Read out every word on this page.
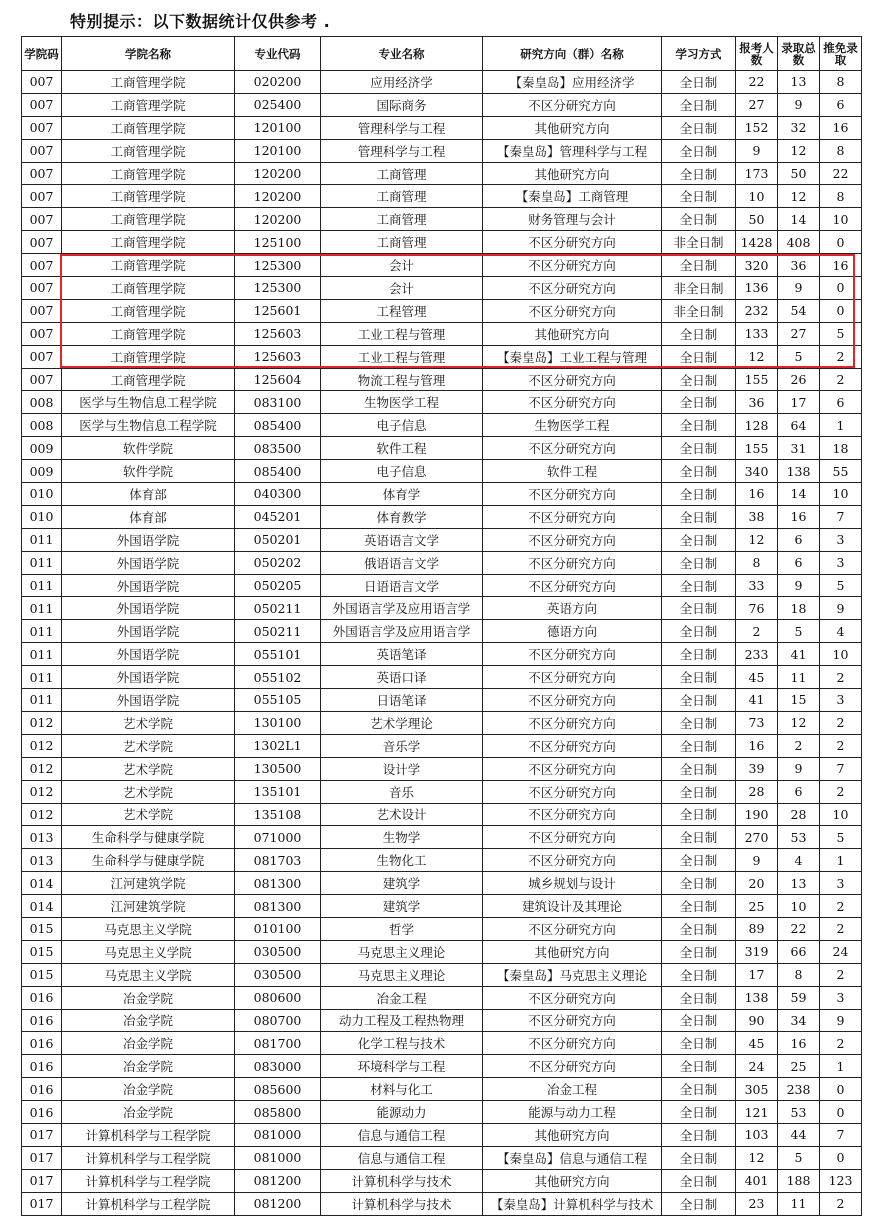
特别提示：以下数据统计仅供参考 .
学院码	学院名称	专业代码	专业名称	研究方向（群）名称	学习方式	报考人数	录取总数	推免录取
007	工商管理学院	020200	应用经济学	【秦皇岛】应用经济学	全日制	22	13	8
007	工商管理学院	025400	国际商务	不区分研究方向	全日制	27	9	6
007	工商管理学院	120100	管理科学与工程	其他研究方向	全日制	152	32	16
007	工商管理学院	120100	管理科学与工程	【秦皇岛】管理科学与工程	全日制	9	12	8
007	工商管理学院	120200	工商管理	其他研究方向	全日制	173	50	22
007	工商管理学院	120200	工商管理	【秦皇岛】工商管理	全日制	10	12	8
007	工商管理学院	120200	工商管理	财务管理与会计	全日制	50	14	10
007	工商管理学院	125100	工商管理	不区分研究方向	非全日制	1428	408	0
007	工商管理学院	125300	会计	不区分研究方向	全日制	320	36	16
007	工商管理学院	125300	会计	不区分研究方向	非全日制	136	9	0
007	工商管理学院	125601	工程管理	不区分研究方向	非全日制	232	54	0
007	工商管理学院	125603	工业工程与管理	其他研究方向	全日制	133	27	5
007	工商管理学院	125603	工业工程与管理	【秦皇岛】工业工程与管理	全日制	12	5	2
007	工商管理学院	125604	物流工程与管理	不区分研究方向	全日制	155	26	2
008	医学与生物信息工程学院	083100	生物医学工程	不区分研究方向	全日制	36	17	6
008	医学与生物信息工程学院	085400	电子信息	生物医学工程	全日制	128	64	1
009	软件学院	083500	软件工程	不区分研究方向	全日制	155	31	18
009	软件学院	085400	电子信息	软件工程	全日制	340	138	55
010	体育部	040300	体育学	不区分研究方向	全日制	16	14	10
010	体育部	045201	体育教学	不区分研究方向	全日制	38	16	7
011	外国语学院	050201	英语语言文学	不区分研究方向	全日制	12	6	3
011	外国语学院	050202	俄语语言文学	不区分研究方向	全日制	8	6	3
011	外国语学院	050205	日语语言文学	不区分研究方向	全日制	33	9	5
011	外国语学院	050211	外国语言学及应用语言学	英语方向	全日制	76	18	9
011	外国语学院	050211	外国语言学及应用语言学	德语方向	全日制	2	5	4
011	外国语学院	055101	英语笔译	不区分研究方向	全日制	233	41	10
011	外国语学院	055102	英语口译	不区分研究方向	全日制	45	11	2
011	外国语学院	055105	日语笔译	不区分研究方向	全日制	41	15	3
012	艺术学院	130100	艺术学理论	不区分研究方向	全日制	73	12	2
012	艺术学院	1302L1	音乐学	不区分研究方向	全日制	16	2	2
012	艺术学院	130500	设计学	不区分研究方向	全日制	39	9	7
012	艺术学院	135101	音乐	不区分研究方向	全日制	28	6	2
012	艺术学院	135108	艺术设计	不区分研究方向	全日制	190	28	10
013	生命科学与健康学院	071000	生物学	不区分研究方向	全日制	270	53	5
013	生命科学与健康学院	081703	生物化工	不区分研究方向	全日制	9	4	1
014	江河建筑学院	081300	建筑学	城乡规划与设计	全日制	20	13	3
014	江河建筑学院	081300	建筑学	建筑设计及其理论	全日制	25	10	2
015	马克思主义学院	010100	哲学	不区分研究方向	全日制	89	22	2
015	马克思主义学院	030500	马克思主义理论	其他研究方向	全日制	319	66	24
015	马克思主义学院	030500	马克思主义理论	【秦皇岛】马克思主义理论	全日制	17	8	2
016	冶金学院	080600	冶金工程	不区分研究方向	全日制	138	59	3
016	冶金学院	080700	动力工程及工程热物理	不区分研究方向	全日制	90	34	9
016	冶金学院	081700	化学工程与技术	不区分研究方向	全日制	45	16	2
016	冶金学院	083000	环境科学与工程	不区分研究方向	全日制	24	25	1
016	冶金学院	085600	材料与化工	冶金工程	全日制	305	238	0
016	冶金学院	085800	能源动力	能源与动力工程	全日制	121	53	0
017	计算机科学与工程学院	081000	信息与通信工程	其他研究方向	全日制	103	44	7
017	计算机科学与工程学院	081000	信息与通信工程	【秦皇岛】信息与通信工程	全日制	12	5	0
017	计算机科学与工程学院	081200	计算机科学与技术	其他研究方向	全日制	401	188	123
017	计算机科学与工程学院	081200	计算机科学与技术	【秦皇岛】计算机科学与技术	全日制	23	11	2
